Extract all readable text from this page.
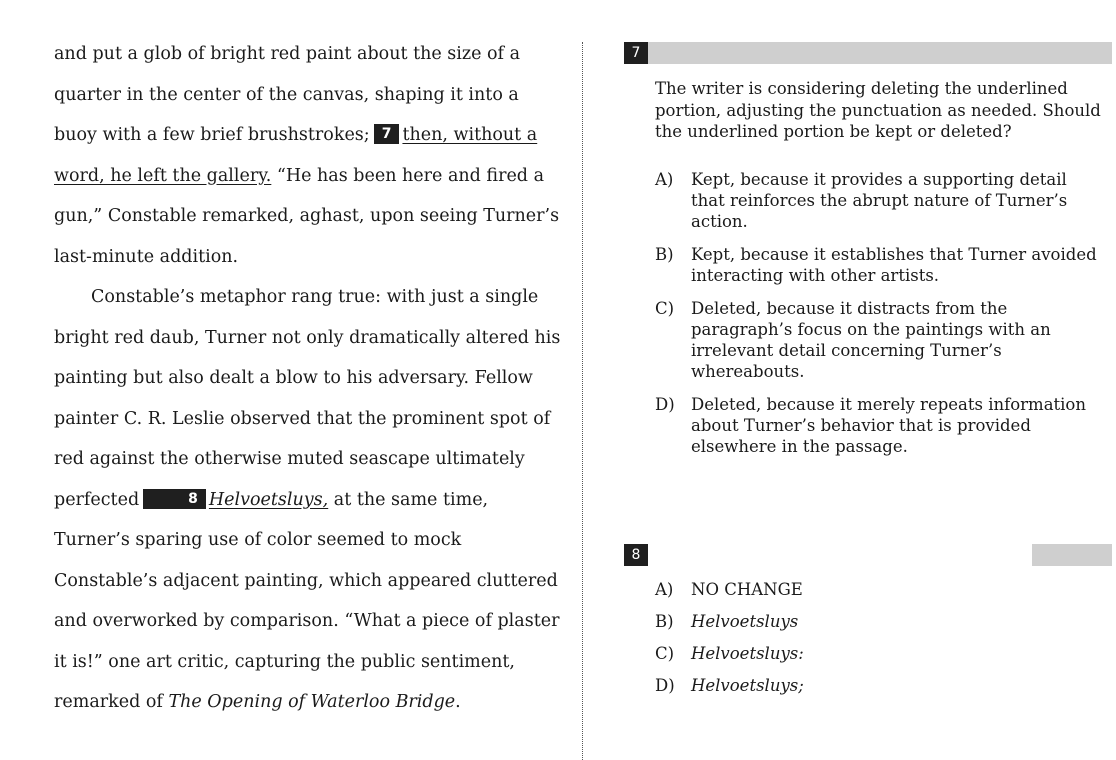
and put a glob of bright red paint about the size of a quarter in the center of the canvas, shaping it into a buoy with a few brief brushstrokes; 7 then, without a word, he left the gallery. “He has been here and fired a gun,” Constable remarked, aghast, upon seeing Turner’s last-minute addition.

Constable’s metaphor rang true: with just a single bright red daub, Turner not only dramatically altered his painting but also dealt a blow to his adversary. Fellow painter C. R. Leslie observed that the prominent spot of red against the otherwise muted seascape ultimately perfected	8 Helvoetsluys, at the same time, Turner’s sparing use of color seemed to mock Constable’s adjacent painting, which appeared cluttered and overworked by comparison. “What a piece of plaster it is!” one art critic, capturing the public sentiment, remarked of The Opening of Waterloo Bridge.

7
The writer is considering deleting the underlined portion, adjusting the punctuation as needed. Should the underlined portion be kept or deleted?
A)	Kept, because it provides a supporting detail that reinforces the abrupt nature of Turner’s action.
B)	Kept, because it establishes that Turner avoided interacting with other artists.
C)	Deleted, because it distracts from the paragraph’s focus on the paintings with an irrelevant detail concerning Turner’s whereabouts.
D) Deleted, because it merely repeats information about Turner’s behavior that is provided elsewhere in the passage.
8
A)	NO CHANGE
B)	Helvoetsluys
C)	Helvoetsluys:
D) Helvoetsluys;
